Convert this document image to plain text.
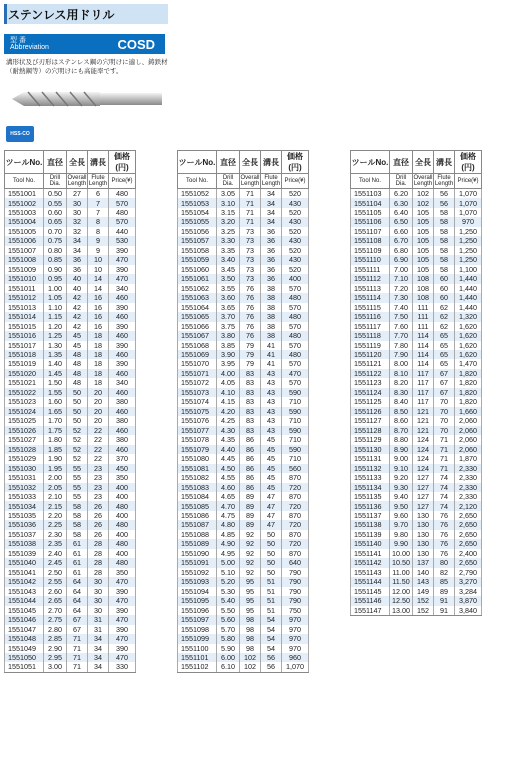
ステンレス用ドリル
型 番
Abbreviation	COSD
溝形状及び刃形はステンレス鋼の穴明けに適し、鋳鉄材（耐熱鋼等）の穴明けにも高能率です。
HSS-CO
ツールNo.	直径	全長	溝長	価格(円)
Tool No.	Drill Dia.	Overall Length	Flute Length	Price(¥)
1551001	0.50	27	6	480
1551002	0.55	30	7	570
1551003	0.60	30	7	480
1551004	0.65	32	8	570
1551005	0.70	32	8	440
1551006	0.75	34	9	530
1551007	0.80	34	9	390
1551008	0.85	36	10	470
1551009	0.90	36	10	390
1551010	0.95	40	14	470
1551011	1.00	40	14	340
1551012	1.05	42	16	460
1551013	1.10	42	16	390
1551014	1.15	42	16	460
1551015	1.20	42	16	390
1551016	1.25	45	18	460
1551017	1.30	45	18	390
1551018	1.35	48	18	460
1551019	1.40	48	18	390
1551020	1.45	48	18	460
1551021	1.50	48	18	340
1551022	1.55	50	20	460
1551023	1.60	50	20	380
1551024	1.65	50	20	460
1551025	1.70	50	20	380
1551026	1.75	52	22	460
1551027	1.80	52	22	380
1551028	1.85	52	22	460
1551029	1.90	52	22	370
1551030	1.95	55	23	450
1551031	2.00	55	23	350
1551032	2.05	55	23	400
1551033	2.10	55	23	400
1551034	2.15	58	26	480
1551035	2.20	58	26	400
1551036	2.25	58	26	480
1551037	2.30	58	26	400
1551038	2.35	61	28	480
1551039	2.40	61	28	400
1551040	2.45	61	28	480
1551041	2.50	61	28	350
1551042	2.55	64	30	470
1551043	2.60	64	30	390
1551044	2.65	64	30	470
1551045	2.70	64	30	390
1551046	2.75	67	31	470
1551047	2.80	67	31	390
1551048	2.85	71	34	470
1551049	2.90	71	34	390
1551050	2.95	71	34	470
1551051	3.00	71	34	330
ツールNo.	直径	全長	溝長	価格(円)
Tool No.	Drill Dia.	Overall Length	Flute Length	Price(¥)
1551052	3.05	71	34	520
1551053	3.10	71	34	430
1551054	3.15	71	34	520
1551055	3.20	71	34	430
1551056	3.25	73	36	520
1551057	3.30	73	36	430
1551058	3.35	73	36	520
1551059	3.40	73	36	430
1551060	3.45	73	36	520
1551061	3.50	73	36	400
1551062	3.55	76	38	570
1551063	3.60	76	38	480
1551064	3.65	76	38	570
1551065	3.70	76	38	480
1551066	3.75	76	38	570
1551067	3.80	76	38	480
1551068	3.85	79	41	570
1551069	3.90	79	41	480
1551070	3.95	79	41	570
1551071	4.00	83	43	470
1551072	4.05	83	43	570
1551073	4.10	83	43	590
1551074	4.15	83	43	710
1551075	4.20	83	43	590
1551076	4.25	83	43	710
1551077	4.30	83	43	590
1551078	4.35	86	45	710
1551079	4.40	86	45	590
1551080	4.45	86	45	710
1551081	4.50	86	45	560
1551082	4.55	86	45	870
1551083	4.60	86	45	720
1551084	4.65	89	47	870
1551085	4.70	89	47	720
1551086	4.75	89	47	870
1551087	4.80	89	47	720
1551088	4.85	92	50	870
1551089	4.90	92	50	720
1551090	4.95	92	50	870
1551091	5.00	92	50	640
1551092	5.10	92	50	790
1551093	5.20	95	51	790
1551094	5.30	95	51	790
1551095	5.40	95	51	790
1551096	5.50	95	51	750
1551097	5.60	98	54	970
1551098	5.70	98	54	970
1551099	5.80	98	54	970
1551100	5.90	98	54	970
1551101	6.00	102	56	960
1551102	6.10	102	56	1,070
ツールNo.	直径	全長	溝長	価格(円)
Tool No.	Drill Dia.	Overall Length	Flute Length	Price(¥)
1551103	6.20	102	56	1,070
1551104	6.30	102	56	1,070
1551105	6.40	105	58	1,070
1551106	6.50	105	58	970
1551107	6.60	105	58	1,250
1551108	6.70	105	58	1,250
1551109	6.80	105	58	1,250
1551110	6.90	105	58	1,250
1551111	7.00	105	58	1,100
1551112	7.10	108	60	1,440
1551113	7.20	108	60	1,440
1551114	7.30	108	60	1,440
1551115	7.40	111	62	1,440
1551116	7.50	111	62	1,320
1551117	7.60	111	62	1,620
1551118	7.70	114	65	1,620
1551119	7.80	114	65	1,620
1551120	7.90	114	65	1,620
1551121	8.00	114	65	1,470
1551122	8.10	117	67	1,820
1551123	8.20	117	67	1,820
1551124	8.30	117	67	1,820
1551125	8.40	117	70	1,820
1551126	8.50	121	70	1,660
1551127	8.60	121	70	2,060
1551128	8.70	121	70	2,060
1551129	8.80	124	71	2,060
1551130	8.90	124	71	2,060
1551131	9.00	124	71	1,870
1551132	9.10	124	71	2,330
1551133	9.20	127	74	2,330
1551134	9.30	127	74	2,330
1551135	9.40	127	74	2,330
1551136	9.50	127	74	2,120
1551137	9.60	130	76	2,650
1551138	9.70	130	76	2,650
1551139	9.80	130	76	2,650
1551140	9.90	130	76	2,650
1551141	10.00	130	76	2,400
1551142	10.50	137	80	2,650
1551143	11.00	140	82	2,790
1551144	11.50	143	85	3,270
1551145	12.00	149	89	3,284
1551146	12.50	152	91	3,870
1551147	13.00	152	91	3,840
